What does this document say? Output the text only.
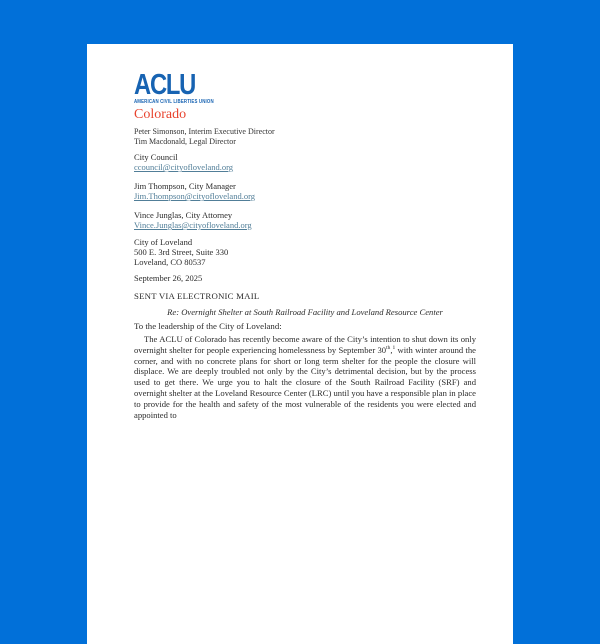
ACLU
AMERICAN CIVIL LIBERTIES UNION
Colorado
Peter Simonson, Interim Executive Director
Tim Macdonald, Legal Director
City Council
ccouncil@cityofloveland.org
Jim Thompson, City Manager
Jim.Thompson@cityofloveland.org
Vince Junglas, City Attorney
Vince.Junglas@cityofloveland.org
City of Loveland
500 E. 3rd Street, Suite 330
Loveland, CO 80537
September 26, 2025
SENT VIA ELECTRONIC MAIL
Re: Overnight Shelter at South Railroad Facility and Loveland Resource Center
To the leadership of the City of Loveland:

The ACLU of Colorado has recently become aware of the City’s intention to shut down its only overnight shelter for people experiencing homelessness by September 30th,$^1$ with winter around the corner, and with no concrete plans for short or long term shelter for the people the closure will displace. We are deeply troubled not only by the City’s detrimental decision, but by the process used to get there. We urge you to halt the closure of the South Railroad Facility (SRF) and overnight shelter at the Loveland Resource Center (LRC) until you have a responsible plan in place to provide for the health and safety of the most vulnerable of the residents you were elected and appointed to
